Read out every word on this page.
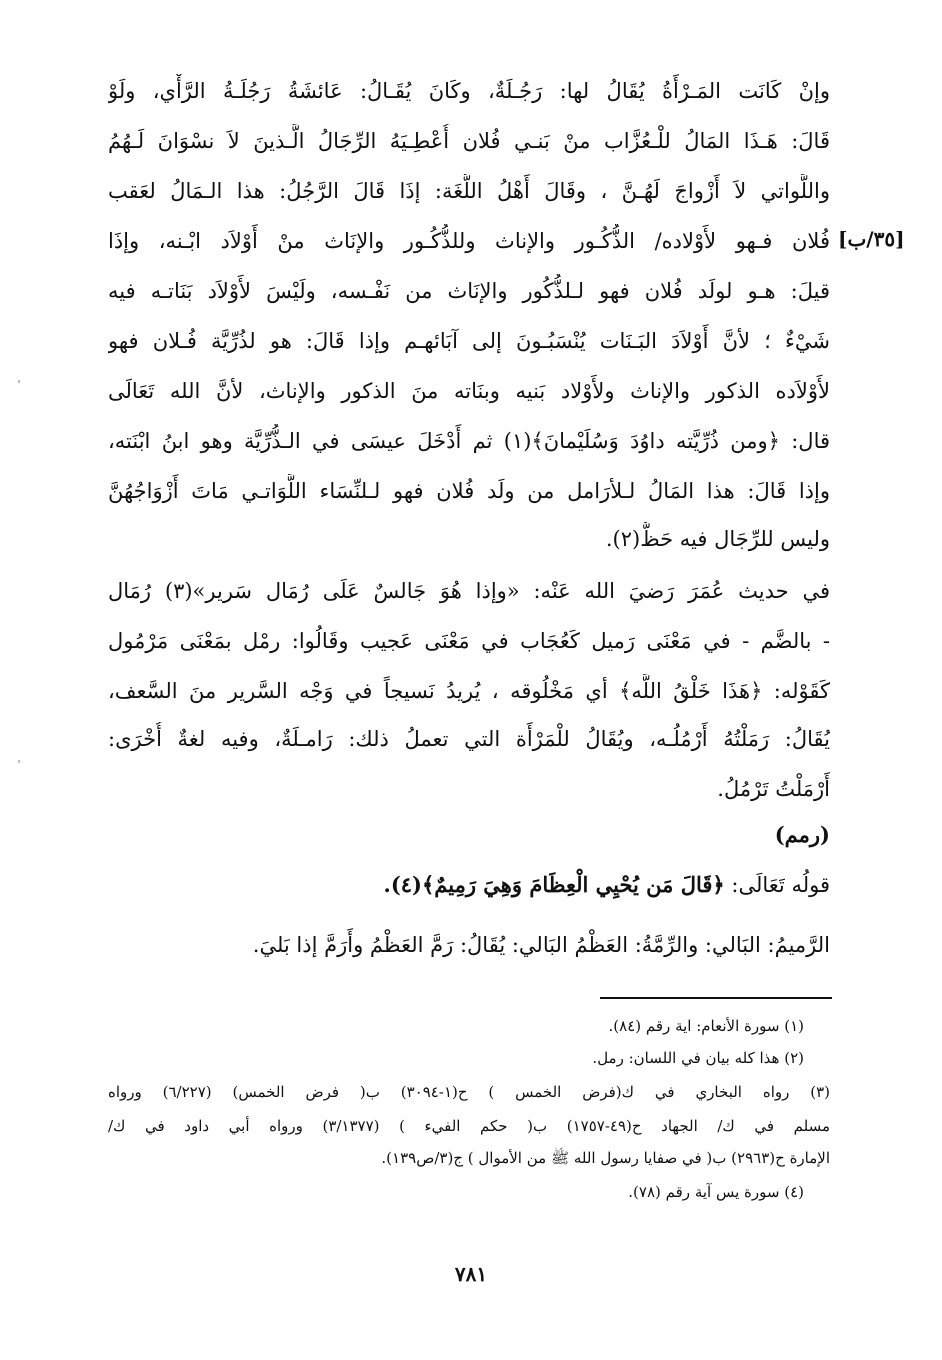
[٣٥/ب]
وإنْ كَانَت المَـرْأَةُ يُقَالُ لها: رَجُـلَةٌ، وكَانَ يُقَـالُ: عَائشَةُ رَجُلَـةُ الرَّأْي، ولَوْ
قَالَ: هَـذَا المَالُ للْـعُزَّاب منْ بَنـي فُلان أُعْطِـيَهُ الرِّجَالُ الَّـذينَ لاَ نسْوَانَ لَـهُمُ
واللَّواتي لاَ أَزْواجَ لَهُـنَّ ، وقَالَ أَهْلُ اللُّغَة: إذَا قَالَ الرَّجُلُ: هذا الـمَالُ لعَقب
فُلان فـهو لأَوْلاده/ الذُّكُـور والإناث وللذُّكُـور والإنَاث منْ أَوْلاَد ابْـنه، وإذَا
قيلَ: هـو لولَد فُلان فهو لـلذُّكُور والإنَاث من نَفْـسه، ولَيْسَ لأَوْلاَد بَنَاتـه فيه
شَيْءٌ ؛ لأنَّ أَوْلاَدَ البَـنَات يُنْسَبُـونَ إلى آبَائهـم وإذا قَالَ: هو لذُرِّيَّة فُـلان فهو
لأَوْلاَده الذكور والإناث ولأَوْلاد بَنيه وبنَاته منَ الذكور والإناث، لأنَّ الله تَعَالَى
قال: ﴿ومن ذُرِّيَّته داوُدَ وَسُلَيْمانَ﴾(١) ثم أَدْخَلَ عيسَى في الـذُّرِّيَّة وهو ابنُ ابْنَته،
وإذا قَالَ: هذا المَالُ لـلأرَامل من ولَد فُلان فهو لـلنِّسَاء اللَّوَاتـي مَاتَ أَزْوَاجُهُنَّ
وليس للرِّجَال فيه حَظٌّ(٢).
في حديث عُمَرَ رَضيَ الله عَنْه: «وإذا هُوَ جَالسٌ عَلَى رُمَال سَرير»(٣) رُمَال
- بالضَّم - في مَعْنَى رَميل كَعُجَاب في مَعْنَى عَجيب وقَالُوا: رمْل بمَعْنَى مَرْمُول
كَقَوْله: ﴿هَذَا خَلْقُ اللَّه﴾ أي مَخْلُوقه ، يُريدُ نَسيجاً في وَجْه السَّرير منَ السَّعف،
يُقَالُ: رَمَلْتُهُ أَرْمُلُـه، ويُقَالُ للْمَرْأَة التي تعملُ ذلك: رَامـلَةٌ، وفيه لغةٌ أُخْرَى:
أَرْمَلْتُ تَرْمُلُ.
(رمم)
قولُه تَعَالَى: ﴿قَالَ مَن يُحْيِي الْعِظَامَ وَهِيَ رَمِيمٌ﴾(٤).
الرَّميمُ: البَالي: والرِّمَّةُ: العَظْمُ البَالي: يُقَالُ: رَمَّ العَظْمُ وأَرَمَّ إذا بَليَ.
(١) سورة الأنعام: اية رقم (٨٤).
(٢) هذا كله بيان في اللسان: رمل.
(٣) رواه البخاري في ك(فرض الخمس ) ح(١-٣٠٩٤) ب( فرض الخمس) (٦/٢٢٧) ورواه
مسلم في ك/ الجهاد ح(٤٩-١٧٥٧) ب( حكم الفيء ) (٣/١٣٧٧) ورواه أبي داود في ك/
الإمارة ح(٢٩٦٣) ب( في صفايا رسول الله ﷺ من الأموال ) ج(٣/ص١٣٩).
(٤) سورة يس آية رقم (٧٨).
٧٨١
